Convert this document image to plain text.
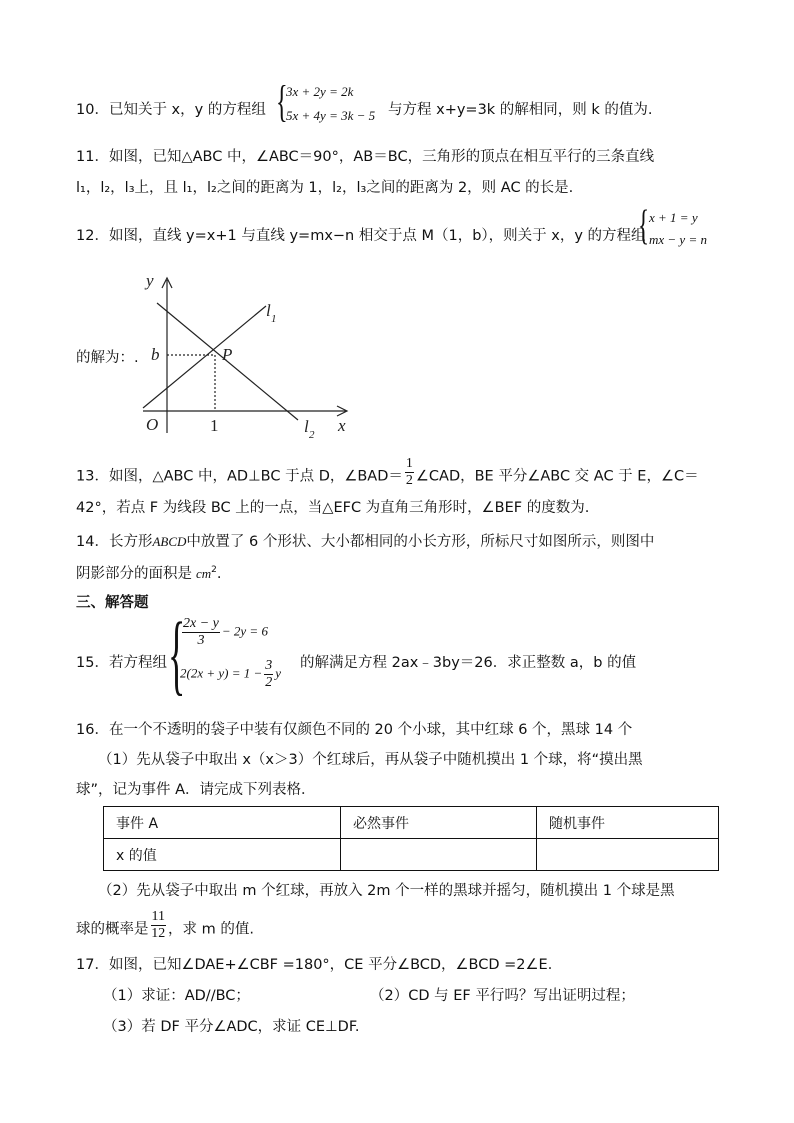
10．已知关于 x，y 的方程组 {
3x + 2y = 2k
5x + 4y = 3k − 5 与方程 x+y=3k 的解相同，则 k 的值为.
11．如图，已知△ABC 中，∠ABC＝90°，AB＝BC，三角形的顶点在相互平行的三条直线
l₁，l₂，l₃上，且 l₁，l₂之间的距离为 1，l₂，l₃之间的距离为 2，则 AC 的长是.
12．如图，直线 y=x+1 与直线 y=mx−n 相交于点 M（1，b），则关于 x，y 的方程组
{ x + 1 = y
mx − y = n
的解为：.
y
x
O
b	P
l 1
l 2
1
13．如图，△ABC 中，AD⊥BC 于点 D，∠BAD＝ $\frac{1}{2}$ ∠CAD，BE 平分∠ABC 交 AC 于 E，∠C＝
42°，若点 F 为线段 BC 上的一点，当△EFC 为直角三角形时，∠BEF 的度数为.
14．长方形ABCD中放置了 6 个形状、大小都相同的小长方形，所标尺寸如图所示，则图中
阴影部分的面积是 $cm^2$.
三、解答题
15．若方程组 {
$\frac{2x - y}{3} - 2y = 6$
$2(2x + y) = 1 - \frac{3}{2}$ y
的解满足方程 2ax﹣3by＝26．求正整数 a，b 的值
16．在一个不透明的袋子中装有仅颜色不同的 20 个小球，其中红球 6 个，黑球 14 个
（1）先从袋子中取出 x（x＞3）个红球后，再从袋子中随机摸出 1 个球，将“摸出黑
球”，记为事件 A．请完成下列表格．
事件 A	必然事件	随机事件
x 的值		
（2）先从袋子中取出 m 个红球，再放入 2m 个一样的黑球并摇匀，随机摸出 1 个球是黑
球的概率是 $\frac{11}{12}$ ，求 m 的值.
17．如图，已知∠DAE+∠CBF =180°，CE 平分∠BCD，∠BCD =2∠E．
（1）求证：AD//BC；	（2）CD 与 EF 平行吗？写出证明过程；
（3）若 DF 平分∠ADC，求证 CE⊥DF.
